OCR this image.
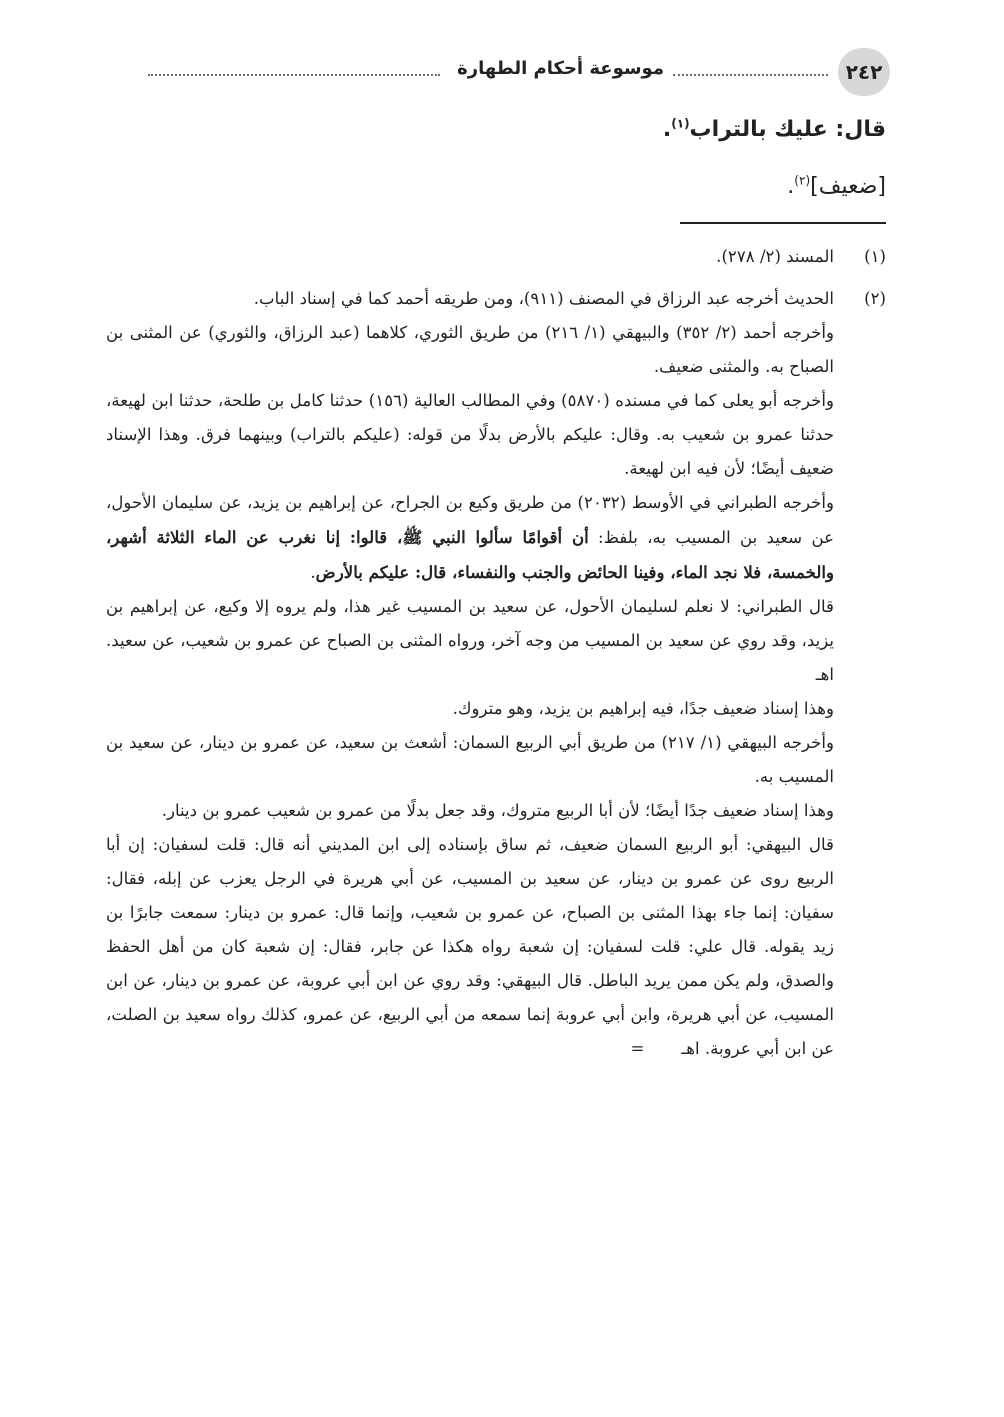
٢٤٢
موسوعة أحكام الطهارة
قال: عليك بالتراب$^{(١)}$.
[ضعيف]$^{(٢)}$.

(١)المسند (٢/ ٢٧٨).

(٢)الحديث أخرجه عبد الرزاق في المصنف (٩١١)، ومن طريقه أحمد كما في إسناد الباب.

وأخرجه أحمد (٢/ ٣٥٢) والبيهقي (١/ ٢١٦) من طريق الثوري، كلاهما (عبد الرزاق، والثوري) عن المثنى بن الصباح به. والمثنى ضعيف.

وأخرجه أبو يعلى كما في مسنده (٥٨٧٠) وفي المطالب العالية (١٥٦) حدثنا كامل بن طلحة، حدثنا ابن لهيعة، حدثنا عمرو بن شعيب به. وقال: عليكم بالأرض بدلًا من قوله: (عليكم بالتراب) وبينهما فرق. وهذا الإسناد ضعيف أيضًا؛ لأن فيه ابن لهيعة.

وأخرجه الطبراني في الأوسط (٢٠٣٢) من طريق وكيع بن الجراح، عن إبراهيم بن يزيد، عن سليمان الأحول، عن سعيد بن المسيب به، بلفظ: أن أقوامًا سألوا النبي ﷺ، قالوا: إنا نغرب عن الماء الثلاثة أشهر، والخمسة، فلا نجد الماء، وفينا الحائض والجنب والنفساء، قال: عليكم بالأرض.

قال الطبراني: لا نعلم لسليمان الأحول، عن سعيد بن المسيب غير هذا، ولم يروه إلا وكيع، عن إبراهيم بن يزيد، وقد روي عن سعيد بن المسيب من وجه آخر، ورواه المثنى بن الصباح عن عمرو بن شعيب، عن سعيد. اهـ

وهذا إسناد ضعيف جدًا، فيه إبراهيم بن يزيد، وهو متروك.

وأخرجه البيهقي (١/ ٢١٧) من طريق أبي الربيع السمان: أشعث بن سعيد، عن عمرو بن دينار، عن سعيد بن المسيب به.

وهذا إسناد ضعيف جدًا أيضًا؛ لأن أبا الربيع متروك، وقد جعل بدلًا من عمرو بن شعيب عمرو بن دينار.

قال البيهقي: أبو الربيع السمان ضعيف، ثم ساق بإسناده إلى ابن المديني أنه قال: قلت لسفيان: إن أبا الربيع روى عن عمرو بن دينار، عن سعيد بن المسيب، عن أبي هريرة في الرجل يعزب عن إبله، فقال: سفيان: إنما جاء بهذا المثنى بن الصباح، عن عمرو بن شعيب، وإنما قال: عمرو بن دينار: سمعت جابرًا بن زيد يقوله. قال علي: قلت لسفيان: إن شعبة رواه هكذا عن جابر، فقال: إن شعبة كان من أهل الحفظ والصدق، ولم يكن ممن يريد الباطل. قال البيهقي: وقد روي عن ابن أبي عروبة، عن عمرو بن دينار، عن ابن المسيب، عن أبي هريرة، وابن أبي عروبة إنما سمعه من أبي الربيع، عن عمرو، كذلك رواه سعيد بن الصلت، عن ابن أبي عروبة. اهـ       =
